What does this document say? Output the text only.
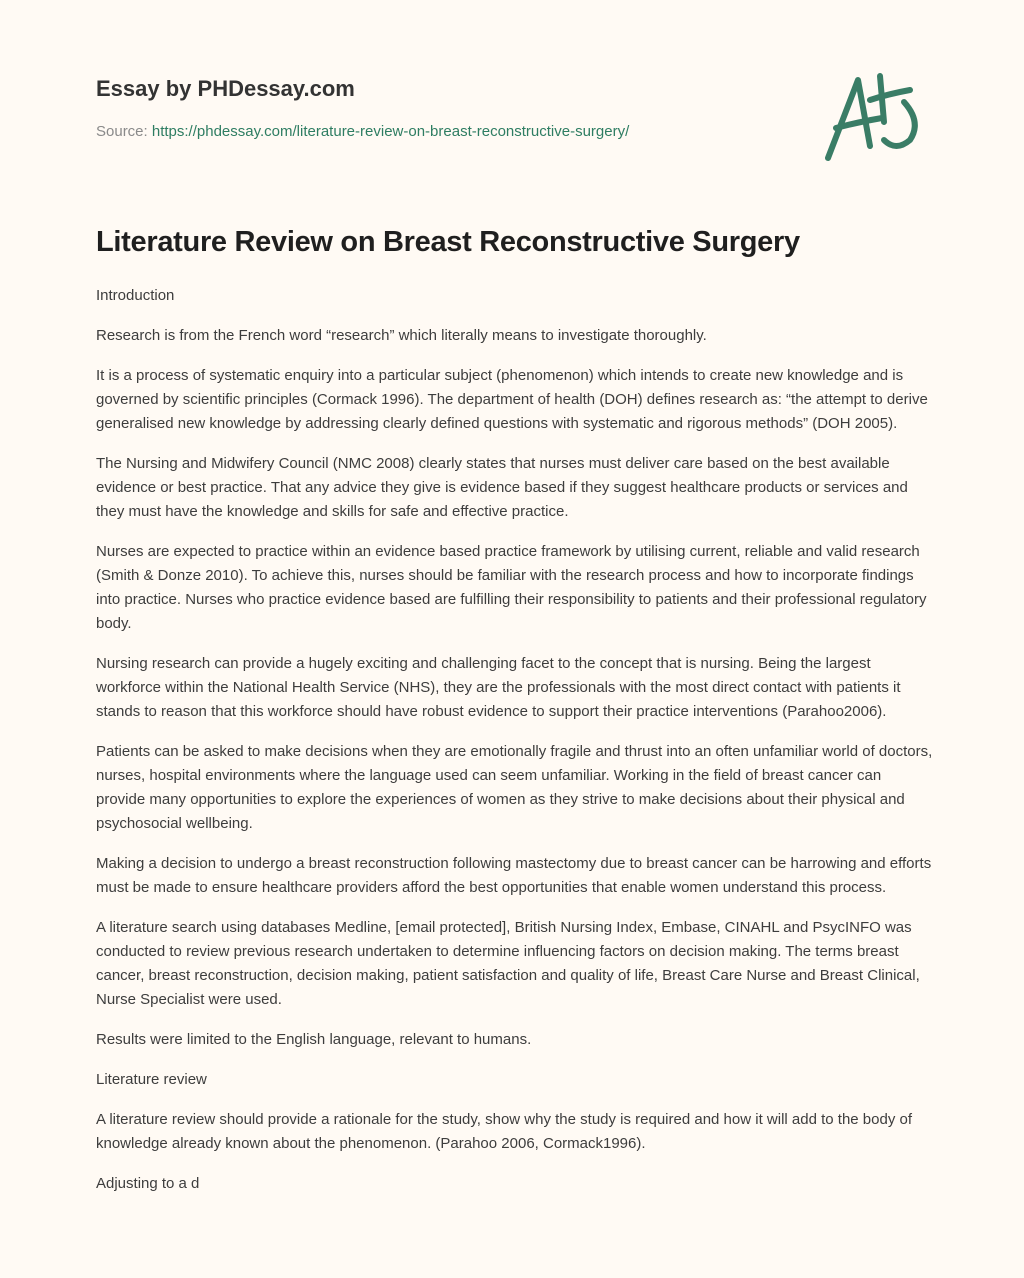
Essay by PHDessay.com

Source: https://phdessay.com/literature-review-on-breast-reconstructive-surgery/

Literature Review on Breast Reconstructive Surgery

Introduction

Research is from the French word “research” which literally means to investigate thoroughly.

It is a process of systematic enquiry into a particular subject (phenomenon) which intends to create new knowledge and is governed by scientific principles (Cormack 1996). The department of health (DOH) defines research as: “the attempt to derive generalised new knowledge by addressing clearly defined questions with systematic and rigorous methods” (DOH 2005).

The Nursing and Midwifery Council (NMC 2008) clearly states that nurses must deliver care based on the best available evidence or best practice. That any advice they give is evidence based if they suggest healthcare products or services and they must have the knowledge and skills for safe and effective practice.

Nurses are expected to practice within an evidence based practice framework by utilising current, reliable and valid research (Smith & Donze 2010). To achieve this, nurses should be familiar with the research process and how to incorporate findings into practice. Nurses who practice evidence based are fulfilling their responsibility to patients and their professional regulatory body.

Nursing research can provide a hugely exciting and challenging facet to the concept that is nursing. Being the largest workforce within the National Health Service (NHS), they are the professionals with the most direct contact with patients it stands to reason that this workforce should have robust evidence to support their practice interventions (Parahoo2006).

Patients can be asked to make decisions when they are emotionally fragile and thrust into an often unfamiliar world of doctors, nurses, hospital environments where the language used can seem unfamiliar. Working in the field of breast cancer can provide many opportunities to explore the experiences of women as they strive to make decisions about their physical and psychosocial wellbeing.

Making a decision to undergo a breast reconstruction following mastectomy due to breast cancer can be harrowing and efforts must be made to ensure healthcare providers afford the best opportunities that enable women understand this process.

A literature search using databases Medline, [email protected], British Nursing Index, Embase, CINAHL and PsycINFO was conducted to review previous research undertaken to determine influencing factors on decision making. The terms breast cancer, breast reconstruction, decision making, patient satisfaction and quality of life, Breast Care Nurse and Breast Clinical, Nurse Specialist were used.

Results were limited to the English language, relevant to humans.

Literature review

A literature review should provide a rationale for the study, show why the study is required and how it will add to the body of knowledge already known about the phenomenon. (Parahoo 2006, Cormack1996).

Adjusting to a d
